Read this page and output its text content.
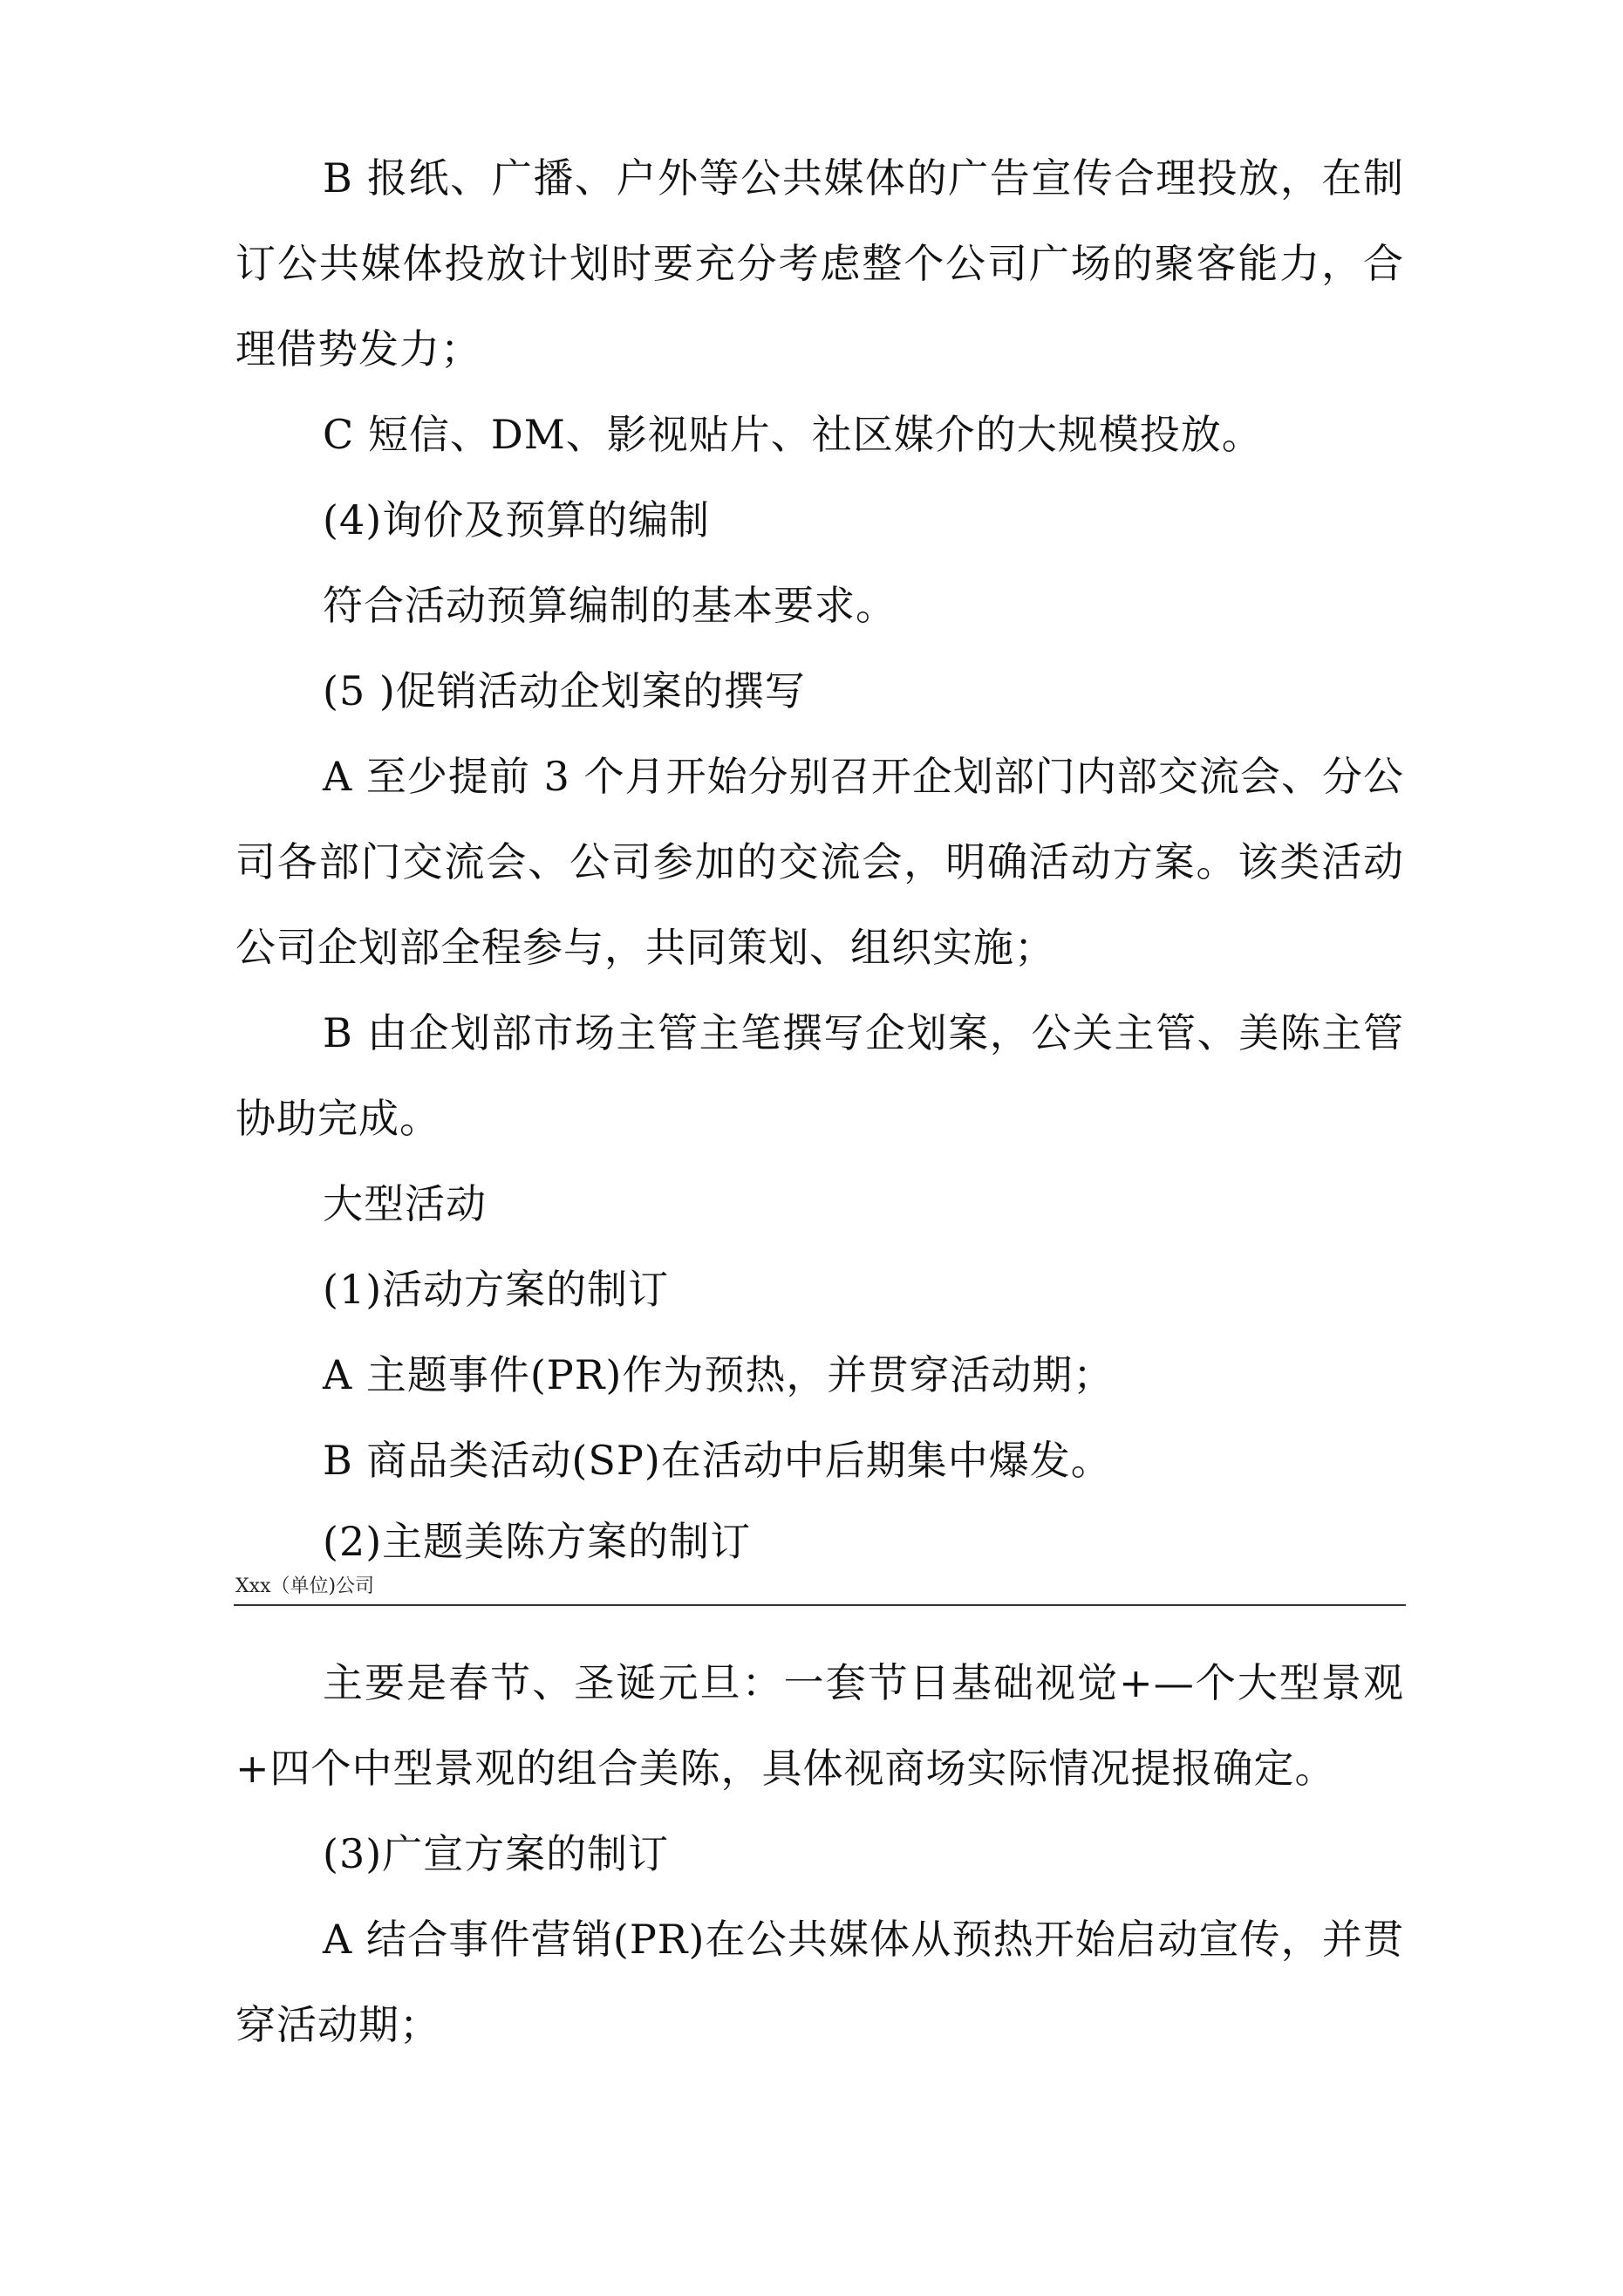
B 报纸、广播、户外等公共媒体的广告宣传合理投放，在制订公共媒体投放计划时要充分考虑整个公司广场的聚客能力，合理借势发力；

C 短信、DM、影视贴片、社区媒介的大规模投放。

(4)询价及预算的编制

符合活动预算编制的基本要求。

(5 )促销活动企划案的撰写

A 至少提前 3 个月开始分别召开企划部门内部交流会、分公司各部门交流会、公司参加的交流会，明确活动方案。该类活动公司企划部全程参与，共同策划、组织实施；

B 由企划部市场主管主笔撰写企划案，公关主管、美陈主管协助完成。

大型活动

(1)活动方案的制订

A 主题事件(PR)作为预热，并贯穿活动期；

B 商品类活动(SP)在活动中后期集中爆发。

(2)主题美陈方案的制订

Xxx（单位)公司

主要是春节、圣诞元旦：一套节日基础视觉+—个大型景观+四个中型景观的组合美陈，具体视商场实际情况提报确定。

(3)广宣方案的制订

A 结合事件营销(PR)在公共媒体从预热开始启动宣传，并贯穿活动期；
